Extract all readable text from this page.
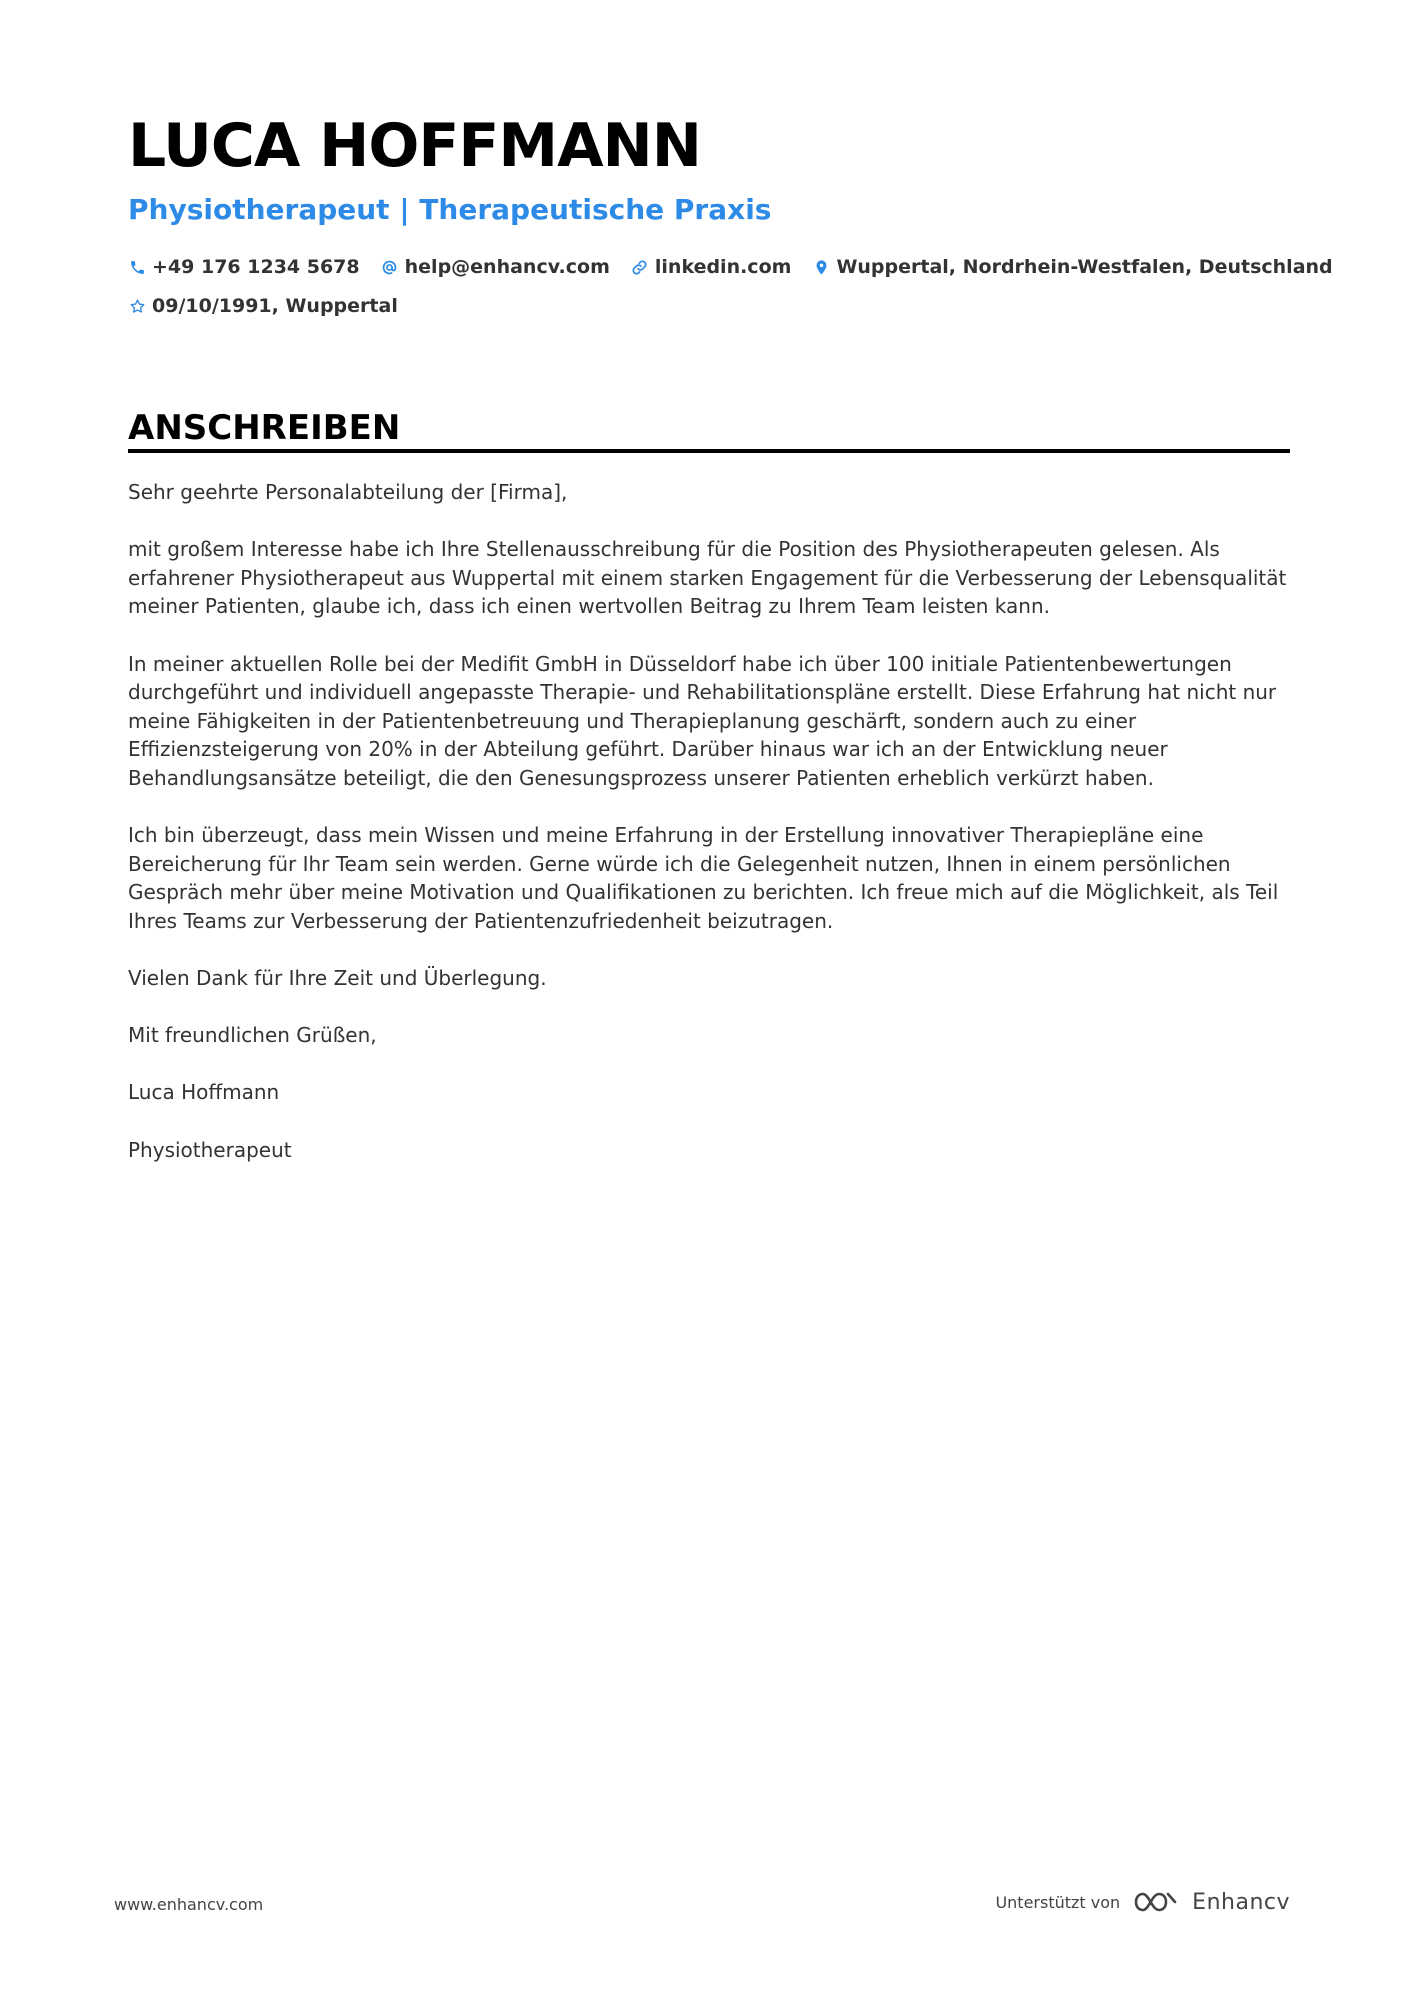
LUCA HOFFMANN
Physiotherapeut | Therapeutische Praxis
+49 176 1234 5678 help@enhancv.com linkedin.com Wuppertal, Nordrhein-Westfalen, Deutschland
09/10/1991, Wuppertal
ANSCHREIBEN

Sehr geehrte Personalabteilung der [Firma],

mit großem Interesse habe ich Ihre Stellenausschreibung für die Position des Physiotherapeuten gelesen. Als erfahrener Physiotherapeut aus Wuppertal mit einem starken Engagement für die Verbesserung der Lebensqualität meiner Patienten, glaube ich, dass ich einen wertvollen Beitrag zu Ihrem Team leisten kann.

In meiner aktuellen Rolle bei der Medifit GmbH in Düsseldorf habe ich über 100 initiale Patientenbewertungen durchgeführt und individuell angepasste Therapie- und Rehabilitationspläne erstellt. Diese Erfahrung hat nicht nur meine Fähigkeiten in der Patientenbetreuung und Therapieplanung geschärft, sondern auch zu einer Effizienzsteigerung von 20% in der Abteilung geführt. Darüber hinaus war ich an der Entwicklung neuer Behandlungsansätze beteiligt, die den Genesungsprozess unserer Patienten erheblich verkürzt haben.

Ich bin überzeugt, dass mein Wissen und meine Erfahrung in der Erstellung innovativer Therapiepläne eine Bereicherung für Ihr Team sein werden. Gerne würde ich die Gelegenheit nutzen, Ihnen in einem persönlichen Gespräch mehr über meine Motivation und Qualifikationen zu berichten. Ich freue mich auf die Möglichkeit, als Teil Ihres Teams zur Verbesserung der Patientenzufriedenheit beizutragen.

Vielen Dank für Ihre Zeit und Überlegung.

Mit freundlichen Grüßen,

Luca Hoffmann

Physiotherapeut

www.enhancv.com	Unterstützt von	Enhancv
